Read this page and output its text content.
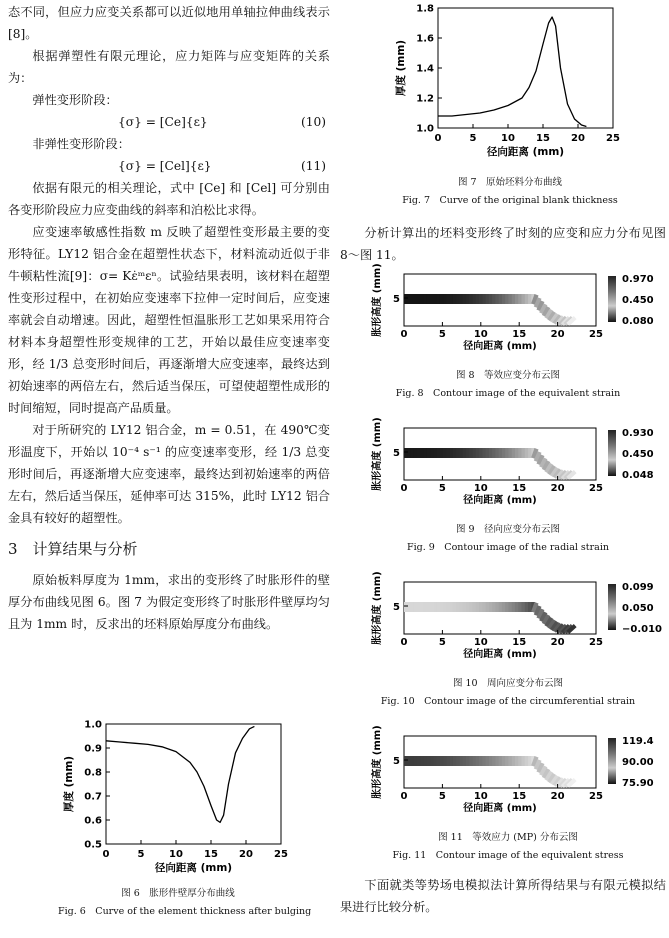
态不同，但应力应变关系都可以近似地用单轴拉伸曲线表示[8]。

根据弹塑性有限元理论，应力矩阵与应变矩阵的关系为：

弹性变形阶段：
{σ} = [Ce]{ε}	(10)
非弹性变形阶段：
{σ} = [Cel]{ε}	(11)

依据有限元的相关理论，式中 [Ce] 和 [Cel] 可分别由各变形阶段应力应变曲线的斜率和泊松比求得。

应变速率敏感性指数 m 反映了超塑性变形最主要的变形特征。LY12 铝合金在超塑性状态下，材料流动近似于非牛顿粘性流[9]：σ= Kε̇ᵐεⁿ。试验结果表明，该材料在超塑性变形过程中，在初始应变速率下拉伸一定时间后，应变速率就会自动增速。因此，超塑性恒温胀形工艺如果采用符合材料本身超塑性形变规律的工艺，开始以最佳应变速率变形，经 1/3 总变形时间后，再逐渐增大应变速率，最终达到初始速率的两倍左右，然后适当保压，可望使超塑性成形的时间缩短，同时提高产品质量。

对于所研究的 LY12 铝合金，m = 0.51，在 490℃变形温度下，开始以 10⁻⁴ s⁻¹ 的应变速率变形，经 1/3 总变形时间后，再逐渐增大应变速率，最终达到初始速率的两倍左右，然后适当保压，延伸率可达 315%，此时 LY12 铝合金具有较好的超塑性。

3　计算结果与分析

原始板料厚度为 1mm，求出的变形终了时胀形件的壁厚分布曲线见图 6。图 7 为假定变形终了时胀形件壁厚均匀且为 1mm 时，反求出的坯料原始厚度分布曲线。

0.5
0.6
0.7
0.8
0.9
1.0
0	5 10 15 20 25
径向距离 (mm)
厚度 (mm)
图 6　胀形件壁厚分布曲线
Fig. 6　Curve of the element thickness after bulging
1.0
1.2
1.4
1.6
1.8
0	5 10 15 20 25
径向距离 (mm)
厚度 (mm)
图 7　原始坯料分布曲线
Fig. 7　Curve of the original blank thickness

分析计算出的坯料变形终了时刻的应变和应力分布见图 8～图 11。

5
0	5	10 15 20 25
径向距离 (mm)
胀形高度 (mm)	0.970
0.450
0.080
图 8　等效应变分布云图
Fig. 8　Contour image of the equivalent strain
5
0	5	10 15 20 25
径向距离 (mm)
胀形高度 (mm)	0.930
0.450
0.048
图 9　径向应变分布云图
Fig. 9　Contour image of the radial strain
5
0	5	10 15 20 25
径向距离 (mm)
胀形高度 (mm)	0.099
0.050
−0.010
图 10　周向应变分布云图
Fig. 10　Contour image of the circumferential strain
5
0	5	10 15 20 25
径向距离 (mm)
胀形高度 (mm)	119.4
90.00
75.90
图 11　等效应力 (MP) 分布云图
Fig. 11　Contour image of the equivalent stress

下面就类等势场电模拟法计算所得结果与有限元模拟结果进行比较分析。
